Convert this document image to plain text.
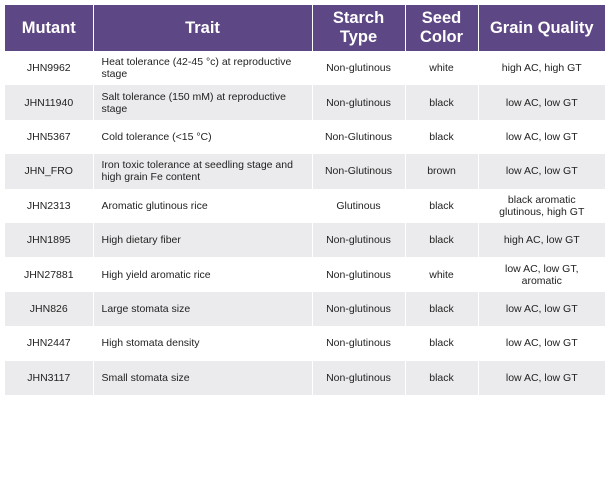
Mutant	Trait	Starch Type	Seed Color	Grain Quality
JHN9962	Heat tolerance (42-45 °c) at reproductive stage	Non-glutinous	white	high AC, high GT
JHN11940	Salt tolerance (150 mM) at reproductive stage	Non-glutinous	black	low AC, low GT
JHN5367	Cold tolerance (<15 °C)	Non-Glutinous	black	low AC, low GT
JHN_FRO	Iron toxic tolerance at seedling stage and high grain Fe content	Non-Glutinous	brown	low AC, low GT
JHN2313	Aromatic glutinous rice	Glutinous	black	black aromatic glutinous, high GT
JHN1895	High dietary fiber	Non-glutinous	black	high AC, low GT
JHN27881	High yield aromatic rice	Non-glutinous	white	low AC, low GT, aromatic
JHN826	Large stomata size	Non-glutinous	black	low AC, low GT
JHN2447	High stomata density	Non-glutinous	black	low AC, low GT
JHN3117	Small stomata size	Non-glutinous	black	low AC, low GT
